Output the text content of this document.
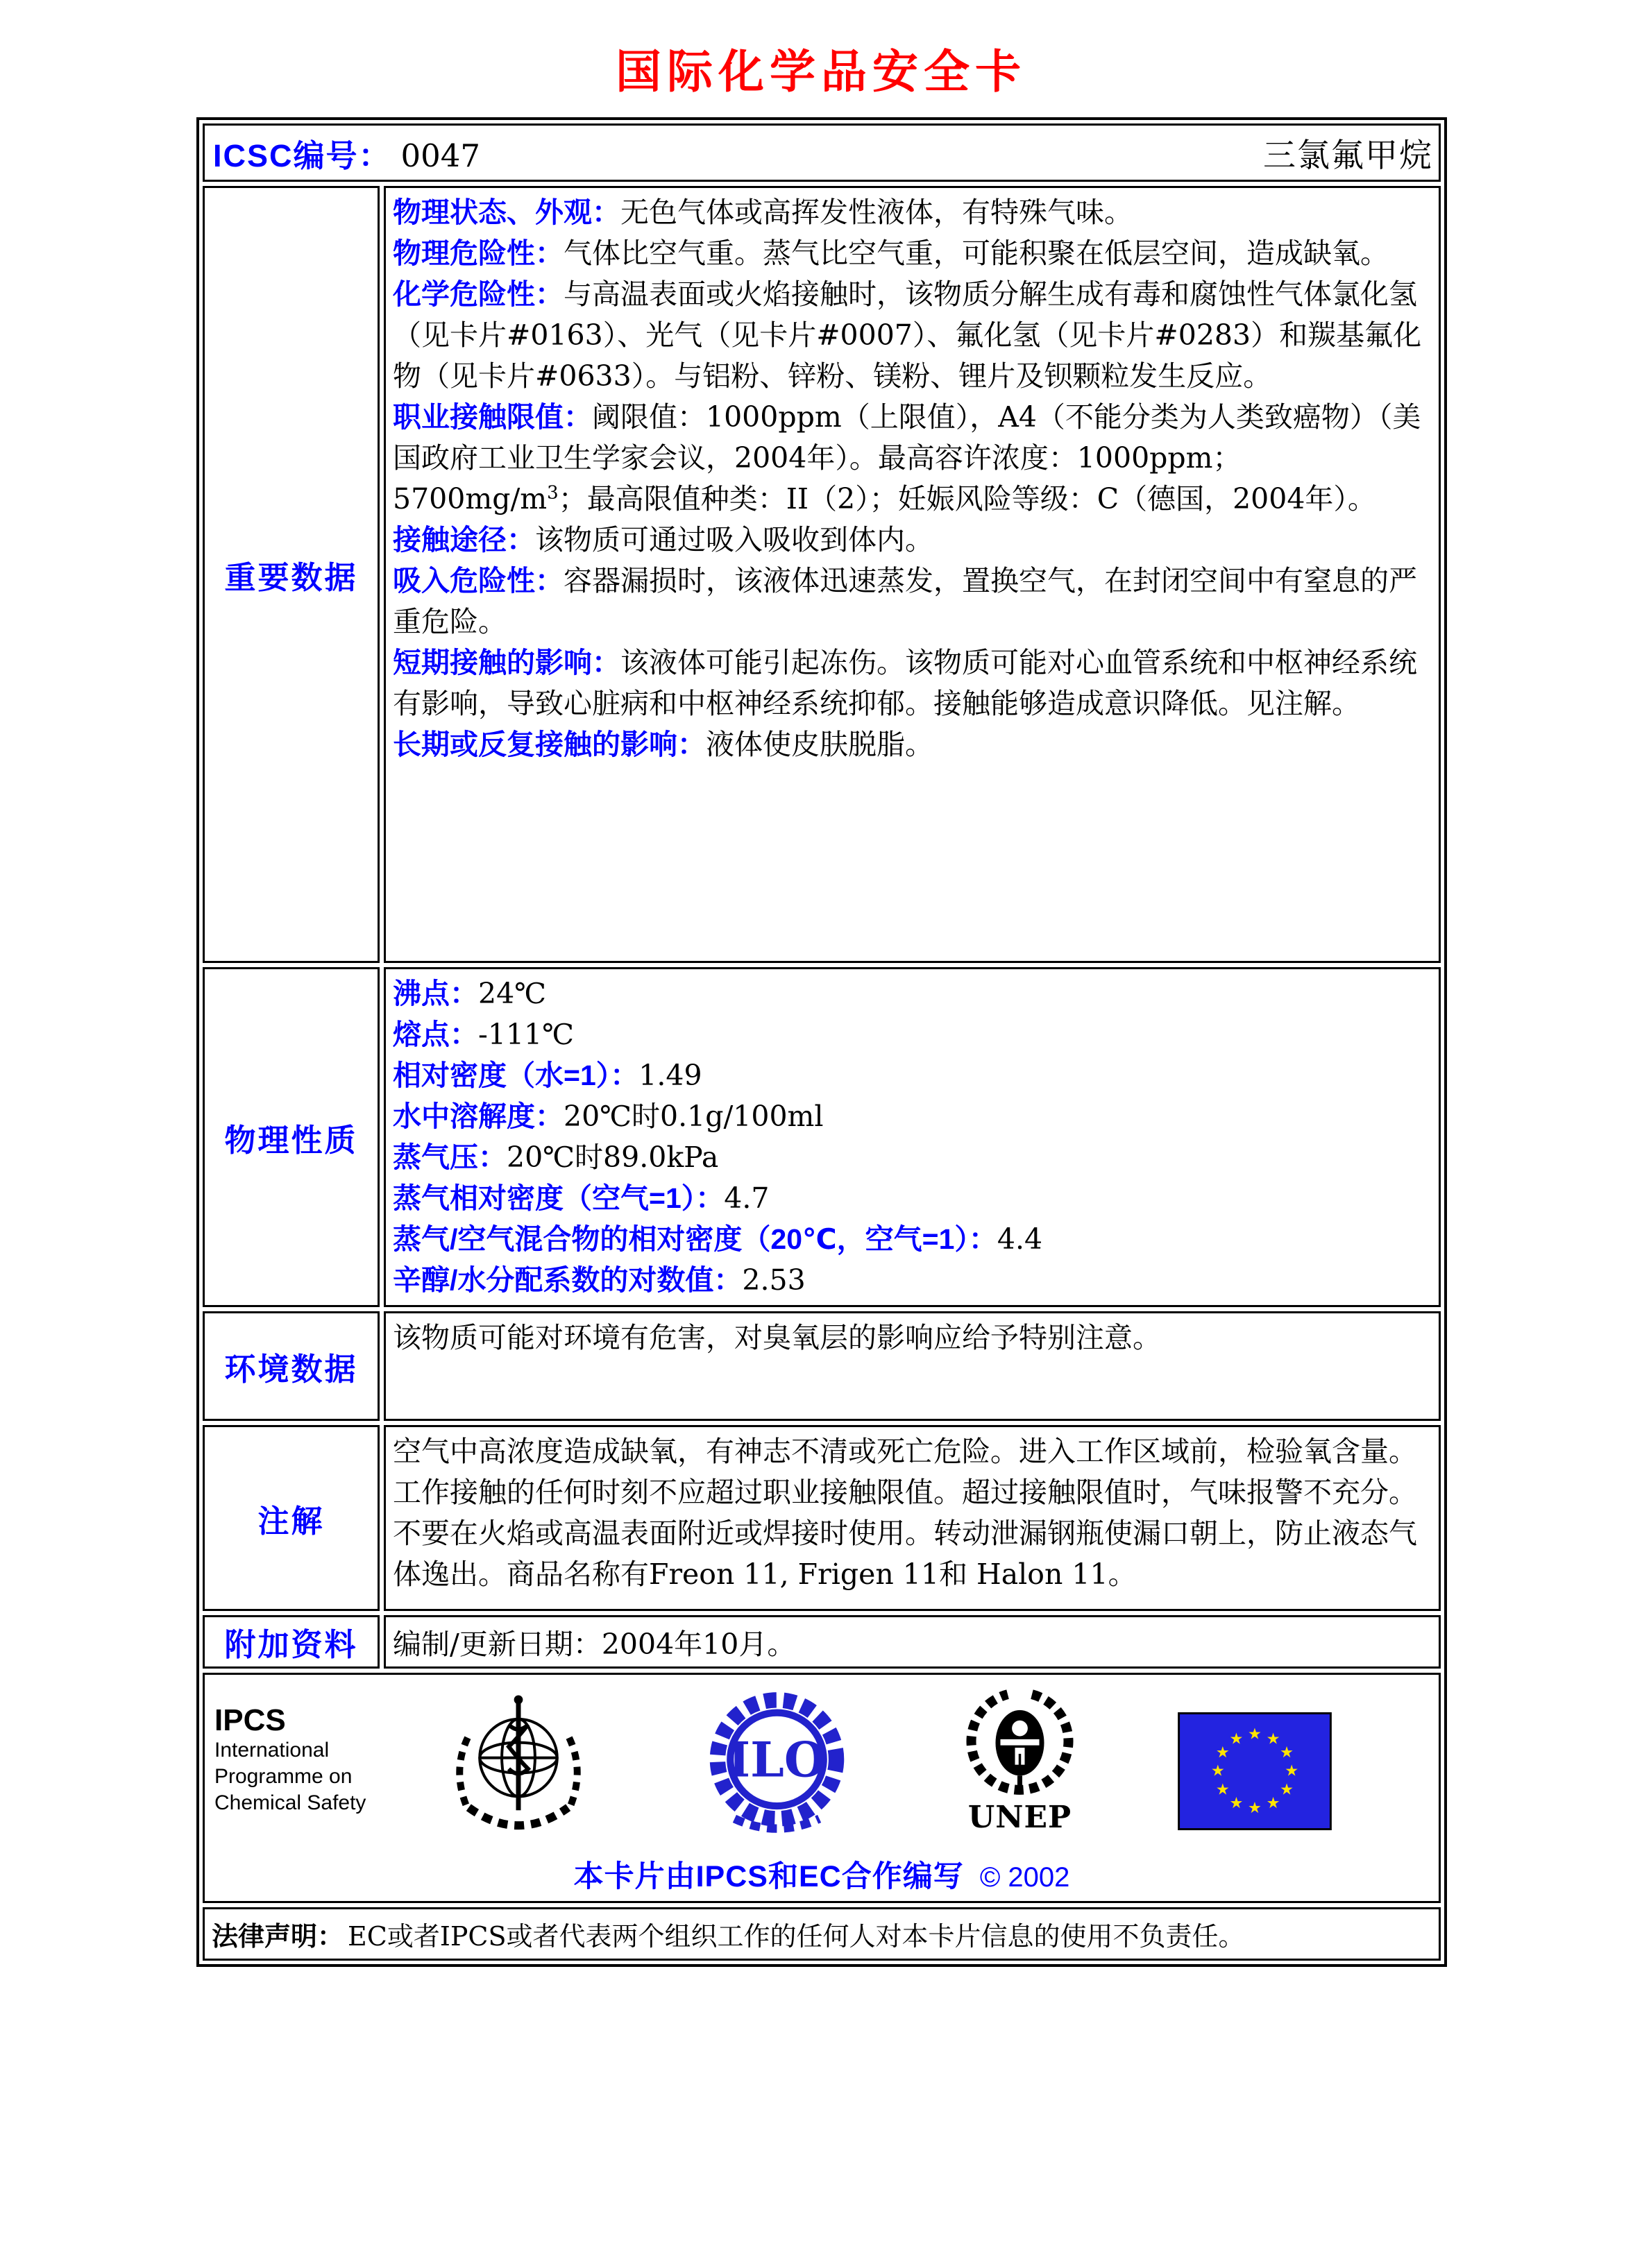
国际化学品安全卡
ICSC编号： 0047	三氯氟甲烷
重要数据
物理状态、外观：无色气体或高挥发性液体，有特殊气味。
物理危险性：气体比空气重。蒸气比空气重，可能积聚在低层空间，造成缺氧。
化学危险性：与高温表面或火焰接触时，该物质分解生成有毒和腐蚀性气体氯化氢（见卡片#0163）、光气（见卡片#0007）、氟化氢（见卡片#0283）和羰基氟化物（见卡片#0633）。与铝粉、锌粉、镁粉、锂片及钡颗粒发生反应。
职业接触限值：阈限值：1000ppm（上限值），A4（不能分类为人类致癌物）（美国政府工业卫生学家会议，2004年）。最高容许浓度：1000ppm；$5700mg/m^3$；最高限值种类：II（2）；妊娠风险等级：C（德国，2004年）。
接触途径：该物质可通过吸入吸收到体内。
吸入危险性：容器漏损时，该液体迅速蒸发，置换空气，在封闭空间中有窒息的严重危险。
短期接触的影响：该液体可能引起冻伤。该物质可能对心血管系统和中枢神经系统有影响，导致心脏病和中枢神经系统抑郁。接触能够造成意识降低。见注解。
长期或反复接触的影响：液体使皮肤脱脂。
物理性质
沸点：24℃
熔点：-111℃
相对密度（水=1）：1.49
水中溶解度：20℃时0.1g/100ml
蒸气压：20℃时89.0kPa
蒸气相对密度（空气=1）：4.7
蒸气/空气混合物的相对密度（20℃，空气=1）：4.4
辛醇/水分配系数的对数值：2.53
环境数据
该物质可能对环境有危害，对臭氧层的影响应给予特别注意。
注解
空气中高浓度造成缺氧，有神志不清或死亡危险。进入工作区域前，检验氧含量。工作接触的任何时刻不应超过职业接触限值。超过接触限值时，气味报警不充分。不要在火焰或高温表面附近或焊接时使用。转动泄漏钢瓶使漏口朝上，防止液态气体逸出。商品名称有Freon 11, Frigen 11和 Halon 11。
附加资料 编制/更新日期：2004年10月。
IPCS
International
Programme on
Chemical Safety
ILO
UNEP
★ ★
★
★
★
★
★
★
★
★
★
★
本卡片由IPCS和EC合作编写 © 2002
法律声明： EC或者IPCS或者代表两个组织工作的任何人对本卡片信息的使用不负责任。
